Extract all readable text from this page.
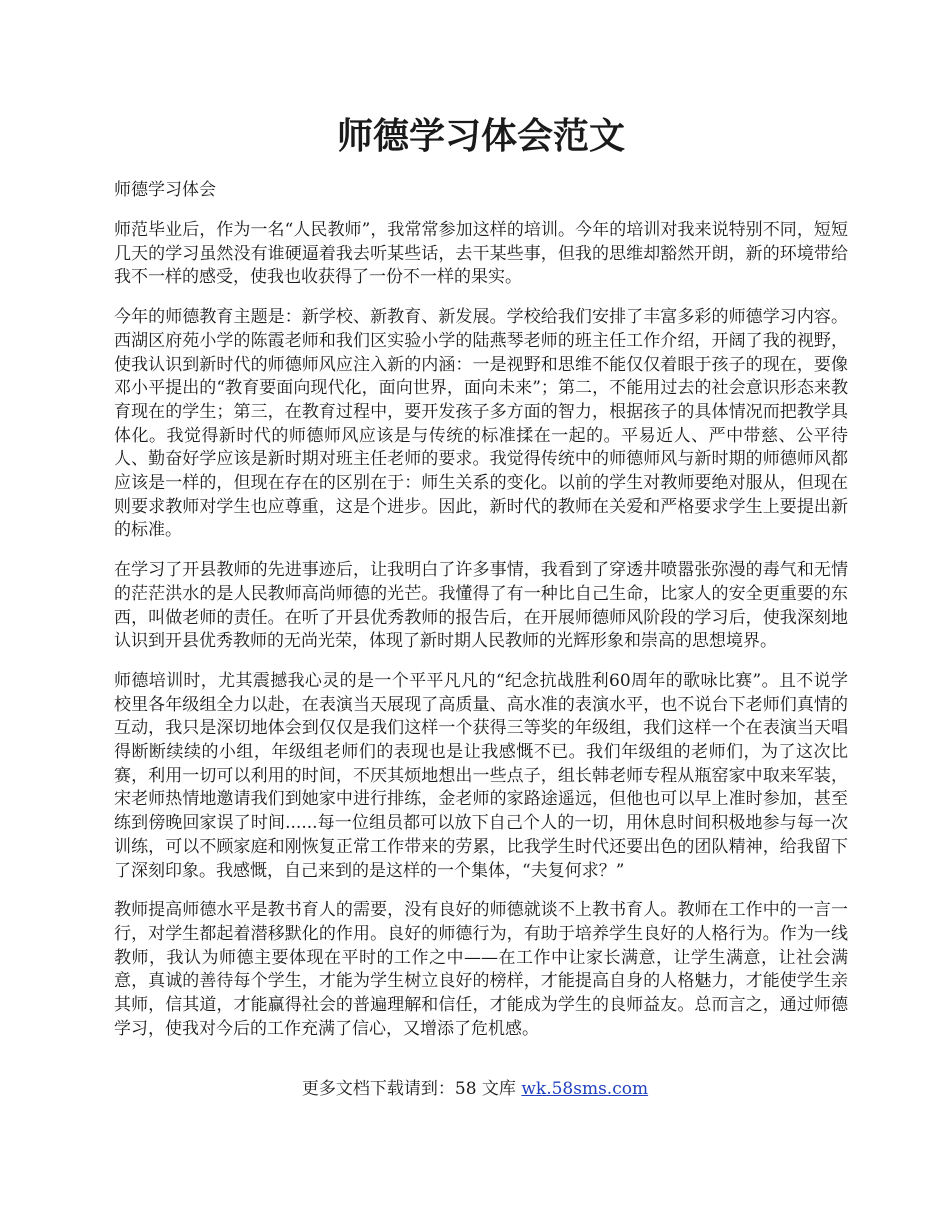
师德学习体会范文

师德学习体会

师范毕业后，作为一名“人民教师”，我常常参加这样的培训。今年的培训对我来说特别不同，短短几天的学习虽然没有谁硬逼着我去听某些话，去干某些事，但我的思维却豁然开朗，新的环境带给我不一样的感受，使我也收获得了一份不一样的果实。

今年的师德教育主题是：新学校、新教育、新发展。学校给我们安排了丰富多彩的师德学习内容。西湖区府苑小学的陈霞老师和我们区实验小学的陆燕琴老师的班主任工作介绍，开阔了我的视野，使我认识到新时代的师德师风应注入新的内涵：一是视野和思维不能仅仅着眼于孩子的现在，要像邓小平提出的“教育要面向现代化，面向世界，面向未来”；第二，不能用过去的社会意识形态来教育现在的学生；第三，在教育过程中，要开发孩子多方面的智力，根据孩子的具体情况而把教学具体化。我觉得新时代的师德师风应该是与传统的标准揉在一起的。平易近人、严中带慈、公平待人、勤奋好学应该是新时期对班主任老师的要求。我觉得传统中的师德师风与新时期的师德师风都应该是一样的，但现在存在的区别在于：师生关系的变化。以前的学生对教师要绝对服从，但现在则要求教师对学生也应尊重，这是个进步。因此，新时代的教师在关爱和严格要求学生上要提出新的标准。

在学习了开县教师的先进事迹后，让我明白了许多事情，我看到了穿透井喷嚣张弥漫的毒气和无情的茫茫洪水的是人民教师高尚师德的光芒。我懂得了有一种比自己生命，比家人的安全更重要的东西，叫做老师的责任。在听了开县优秀教师的报告后，在开展师德师风阶段的学习后，使我深刻地认识到开县优秀教师的无尚光荣，体现了新时期人民教师的光辉形象和崇高的思想境界。

师德培训时，尤其震撼我心灵的是一个平平凡凡的“纪念抗战胜利60周年的歌咏比赛”。且不说学校里各年级组全力以赴，在表演当天展现了高质量、高水准的表演水平，也不说台下老师们真情的互动，我只是深切地体会到仅仅是我们这样一个获得三等奖的年级组，我们这样一个在表演当天唱得断断续续的小组，年级组老师们的表现也是让我感慨不已。我们年级组的老师们，为了这次比赛，利用一切可以利用的时间，不厌其烦地想出一些点子，组长韩老师专程从瓶窑家中取来军装，宋老师热情地邀请我们到她家中进行排练，金老师的家路途遥远，但他也可以早上准时参加，甚至练到傍晚回家误了时间......每一位组员都可以放下自己个人的一切，用休息时间积极地参与每一次训练，可以不顾家庭和刚恢复正常工作带来的劳累，比我学生时代还要出色的团队精神，给我留下了深刻印象。我感慨，自己来到的是这样的一个集体，“夫复何求？”

教师提高师德水平是教书育人的需要，没有良好的师德就谈不上教书育人。教师在工作中的一言一行，对学生都起着潜移默化的作用。良好的师德行为，有助于培养学生良好的人格行为。作为一线教师，我认为师德主要体现在平时的工作之中——在工作中让家长满意，让学生满意，让社会满意，真诚的善待每个学生，才能为学生树立良好的榜样，才能提高自身的人格魅力，才能使学生亲其师，信其道，才能赢得社会的普遍理解和信任，才能成为学生的良师益友。总而言之，通过师德学习，使我对今后的工作充满了信心，又增添了危机感。

更多文档下载请到：58 文库 wk.58sms.com
